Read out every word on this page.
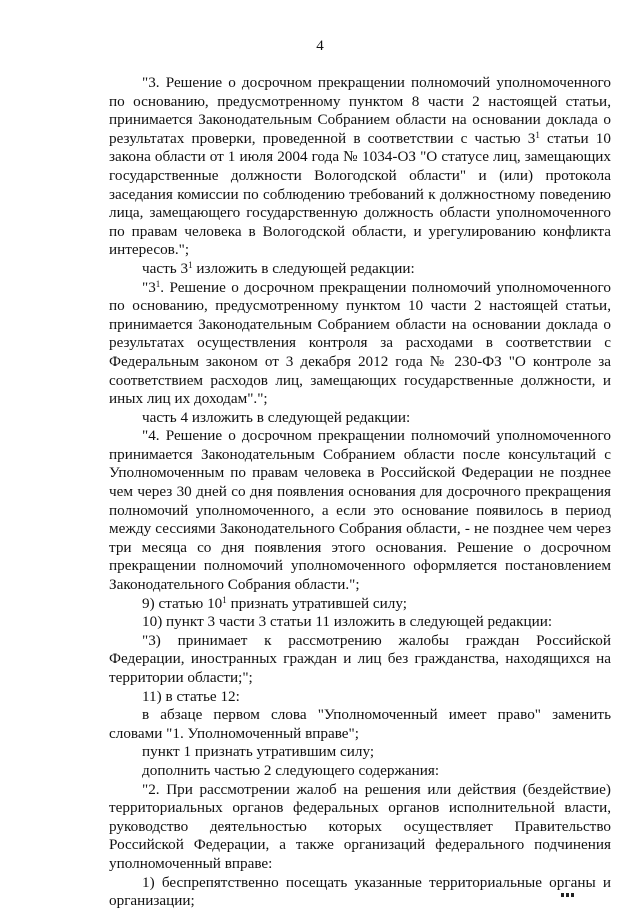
4

"3. Решение о досрочном прекращении полномочий уполномоченного по основанию, предусмотренному пунктом 8 части 2 настоящей статьи, принимается Законодательным Собранием области на основании доклада о результатах проверки, проведенной в соответствии с частью $3^1$ статьи 10 закона области от 1 июля 2004 года № 1034-ОЗ "О статусе лиц, замещающих государственные должности Вологодской области" и (или) протокола заседания комиссии по соблюдению требований к должностному поведению лица, замещающего государственную должность области уполномоченного по правам человека в Вологодской области, и урегулированию конфликта интересов.";

часть $3^1$ изложить в следующей редакции:

"$3^1$. Решение о досрочном прекращении полномочий уполномоченного по основанию, предусмотренному пунктом 10 части 2 настоящей статьи, принимается Законодательным Собранием области на основании доклада о результатах осуществления контроля за расходами в соответствии с Федеральным законом от 3 декабря 2012 года № 230-ФЗ "О контроле за соответствием расходов лиц, замещающих государственные должности, и иных лиц их доходам".";

часть 4 изложить в следующей редакции:

"4. Решение о досрочном прекращении полномочий уполномоченного принимается Законодательным Собранием области после консультаций с Уполномоченным по правам человека в Российской Федерации не позднее чем через 30 дней со дня появления основания для досрочного прекращения полномочий уполномоченного, а если это основание появилось в период между сессиями Законодательного Собрания области, - не позднее чем через три месяца со дня появления этого основания. Решение о досрочном прекращении полномочий уполномоченного оформляется постановлением Законодательного Собрания области.";

9) статью $10^1$ признать утратившей силу;

10) пункт 3 части 3 статьи 11 изложить в следующей редакции:

"3) принимает к рассмотрению жалобы граждан Российской Федерации, иностранных граждан и лиц без гражданства, находящихся на территории области;";

11) в статье 12:

в абзаце первом слова "Уполномоченный имеет право" заменить словами "1. Уполномоченный вправе";

пункт 1 признать утратившим силу;

дополнить частью 2 следующего содержания:

"2. При рассмотрении жалоб на решения или действия (бездействие) территориальных органов федеральных органов исполнительной власти, руководство деятельностью которых осуществляет Правительство Российской Федерации, а также организаций федерального подчинения уполномоченный вправе:

1) беспрепятственно посещать указанные территориальные органы и организации;
